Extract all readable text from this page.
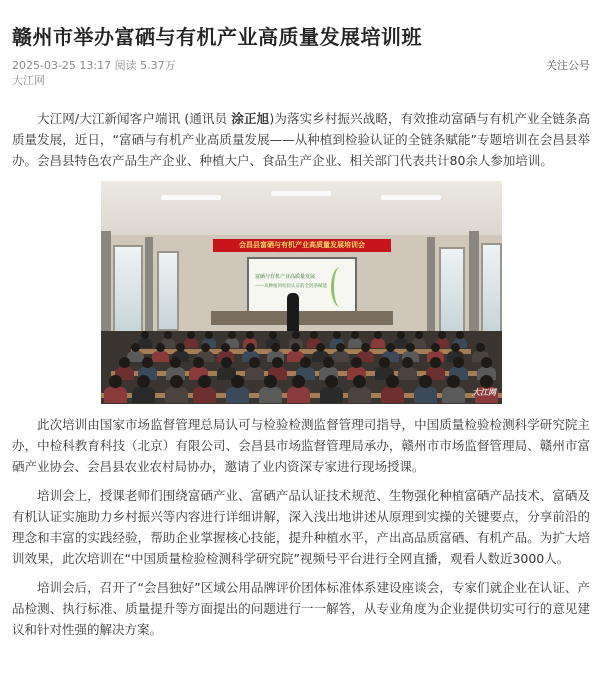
赣州市举办富硒与有机产业高质量发展培训班
2025-03-25 13:17 阅读 5.37万	关注公号
大江网

大江网/大江新闻客户端讯 (通讯员 涂正旭)为落实乡村振兴战略，有效推动富硒与有机产业全链条高质量发展，近日，“富硒与有机产业高质量发展——从种植到检验认证的全链条赋能”专题培训在会昌县举办。会昌县特色农产品生产企业、种植大户、食品生产企业、相关部门代表共计80余人参加培训。

会昌县富硒与有机产业高质量发展培训会
富硒与有机产业高质量发展
——从种植到检验认证的全链条赋能
大江网

此次培训由国家市场监督管理总局认可与检验检测监督管理司指导，中国质量检验检测科学研究院主办，中检科教育科技（北京）有限公司、会昌县市场监督管理局承办，赣州市市场监督管理局、赣州市富硒产业协会、会昌县农业农村局协办，邀请了业内资深专家进行现场授课。

培训会上，授课老师们围绕富硒产业、富硒产品认证技术规范、生物强化种植富硒产品技术、富硒及有机认证实施助力乡村振兴等内容进行详细讲解，深入浅出地讲述从原理到实操的关键要点，分享前沿的理念和丰富的实践经验，帮助企业掌握核心技能，提升种植水平，产出高品质富硒、有机产品。为扩大培训效果，此次培训在“中国质量检验检测科学研究院”视频号平台进行全网直播，观看人数近3000人。

培训会后，召开了“会昌独好”区域公用品牌评价团体标准体系建设座谈会，专家们就企业在认证、产品检测、执行标准、质量提升等方面提出的问题进行一一解答，从专业角度为企业提供切实可行的意见建议和针对性强的解决方案。
